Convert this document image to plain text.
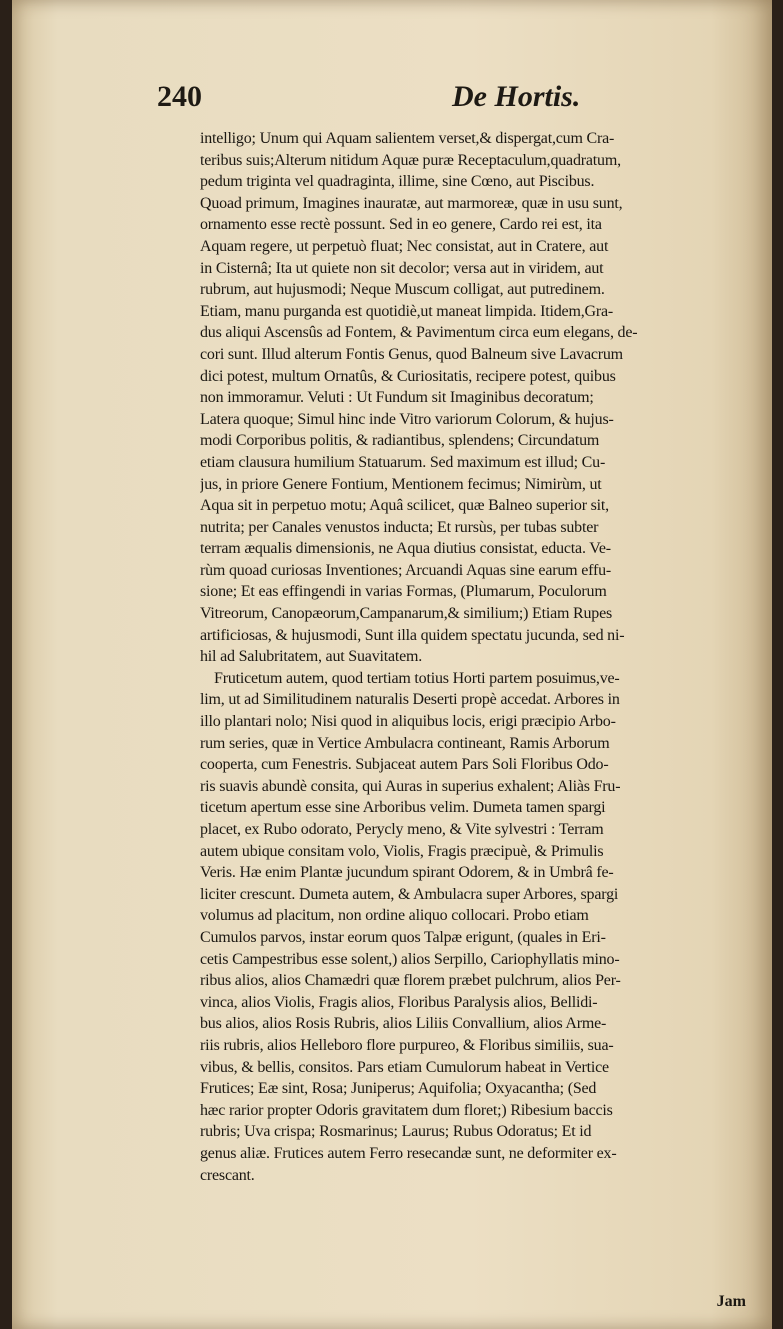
240	De Hortis.
intelligo; Unum qui Aquam salientem verset,& dispergat,cum Cra-
teribus suis;Alterum nitidum Aquæ puræ Receptaculum,quadratum,
pedum triginta vel quadraginta, illime, sine Cœno, aut Piscibus.
Quoad primum, Imagines inauratæ, aut marmoreæ, quæ in usu sunt,
ornamento esse rectè possunt. Sed in eo genere, Cardo rei est, ita
Aquam regere, ut perpetuò fluat; Nec consistat, aut in Cratere, aut
in Cisternâ; Ita ut quiete non sit decolor; versa aut in viridem, aut
rubrum, aut hujusmodi; Neque Muscum colligat, aut putredinem.
Etiam, manu purganda est quotidiè,ut maneat limpida. Itidem,Gra-
dus aliqui Ascensûs ad Fontem, & Pavimentum circa eum elegans, de-
cori sunt. Illud alterum Fontis Genus, quod Balneum sive Lavacrum
dici potest, multum Ornatûs, & Curiositatis, recipere potest, quibus
non immoramur. Veluti : Ut Fundum sit Imaginibus decoratum;
Latera quoque; Simul hinc inde Vitro variorum Colorum, & hujus-
modi Corporibus politis, & radiantibus, splendens; Circundatum
etiam clausura humilium Statuarum. Sed maximum est illud; Cu-
jus, in priore Genere Fontium, Mentionem fecimus; Nimirùm, ut
Aqua sit in perpetuo motu; Aquâ scilicet, quæ Balneo superior sit,
nutrita; per Canales venustos inducta; Et rursùs, per tubas subter
terram æqualis dimensionis, ne Aqua diutius consistat, educta. Ve-
rùm quoad curiosas Inventiones; Arcuandi Aquas sine earum effu-
sione; Et eas effingendi in varias Formas, (Plumarum, Poculorum
Vitreorum, Canopæorum,Campanarum,& similium;) Etiam Rupes
artificiosas, & hujusmodi, Sunt illa quidem spectatu jucunda, sed ni-
hil ad Salubritatem, aut Suavitatem.
Fruticetum autem, quod tertiam totius Horti partem posuimus,ve-
lim, ut ad Similitudinem naturalis Deserti propè accedat. Arbores in
illo plantari nolo; Nisi quod in aliquibus locis, erigi præcipio Arbo-
rum series, quæ in Vertice Ambulacra contineant, Ramis Arborum
cooperta, cum Fenestris. Subjaceat autem Pars Soli Floribus Odo-
ris suavis abundè consita, qui Auras in superius exhalent; Aliàs Fru-
ticetum apertum esse sine Arboribus velim. Dumeta tamen spargi
placet, ex Rubo odorato, Perycly meno, & Vite sylvestri : Terram
autem ubique consitam volo, Violis, Fragis præcipuè, & Primulis
Veris. Hæ enim Plantæ jucundum spirant Odorem, & in Umbrâ fe-
liciter crescunt. Dumeta autem, & Ambulacra super Arbores, spargi
volumus ad placitum, non ordine aliquo collocari. Probo etiam
Cumulos parvos, instar eorum quos Talpæ erigunt, (quales in Eri-
cetis Campestribus esse solent,) alios Serpillo, Cariophyllatis mino-
ribus alios, alios Chamædri quæ florem præbet pulchrum, alios Per-
vinca, alios Violis, Fragis alios, Floribus Paralysis alios, Bellidi-
bus alios, alios Rosis Rubris, alios Liliis Convallium, alios Arme-
riis rubris, alios Helleboro flore purpureo, & Floribus similiis, sua-
vibus, & bellis, consitos. Pars etiam Cumulorum habeat in Vertice
Frutices; Eæ sint, Rosa; Juniperus; Aquifolia; Oxyacantha; (Sed
hæc rarior propter Odoris gravitatem dum floret;) Ribesium baccis
rubris; Uva crispa; Rosmarinus; Laurus; Rubus Odoratus; Et id
genus aliæ. Frutices autem Ferro resecandæ sunt, ne deformiter ex-
crescant.
Jam
